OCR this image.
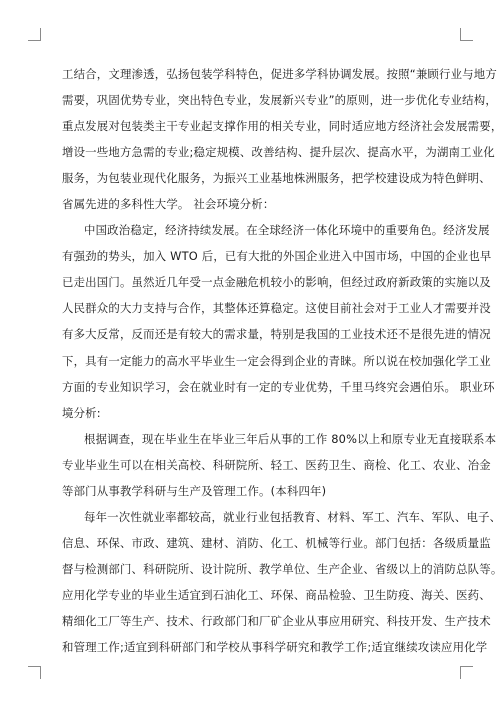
工结合，文理渗透，弘扬包装学科特色，促进多学科协调发展。按照“兼顾行业与地方
需要，巩固优势专业，突出特色专业，发展新兴专业”的原则，进一步优化专业结构，
重点发展对包装类主干专业起支撑作用的相关专业，同时适应地方经济社会发展需要，
增设一些地方急需的专业;稳定规模、改善结构、提升层次、提高水平，为湖南工业化
服务，为包装业现代化服务，为振兴工业基地株洲服务，把学校建设成为特色鲜明、
省属先进的多科性大学。 社会环境分析：
中国政治稳定，经济持续发展。在全球经济一体化环境中的重要角色。经济发展
有强劲的势头，加入 WTO 后，已有大批的外国企业进入中国市场，中国的企业也早
已走出国门。虽然近几年受一点金融危机较小的影响，但经过政府新政策的实施以及
人民群众的大力支持与合作，其整体还算稳定。这使目前社会对于工业人才需要并没
有多大反常，反而还是有较大的需求量，特别是我国的工业技术还不是很先进的情况
下，具有一定能力的高水平毕业生一定会得到企业的青睐。所以说在校加强化学工业
方面的专业知识学习，会在就业时有一定的专业优势，千里马终究会遇伯乐。 职业环
境分析:
根据调查，现在毕业生在毕业三年后从事的工作 80%以上和原专业无直接联系本
专业毕业生可以在相关高校、科研院所、轻工、医药卫生、商检、化工、农业、冶金
等部门从事教学科研与生产及管理工作。(本科四年)
每年一次性就业率都较高，就业行业包括教育、材料、军工、汽车、军队、电子、
信息、环保、市政、建筑、建材、消防、化工、机械等行业。部门包括：各级质量监
督与检测部门、科研院所、设计院所、教学单位、生产企业、省级以上的消防总队等。
应用化学专业的毕业生适宜到石油化工、环保、商品检验、卫生防疫、海关、医药、
精细化工厂等生产、技术、行政部门和厂矿企业从事应用研究、科技开发、生产技术
和管理工作;适宜到科研部门和学校从事科学研究和教学工作;适宜继续攻读应用化学
